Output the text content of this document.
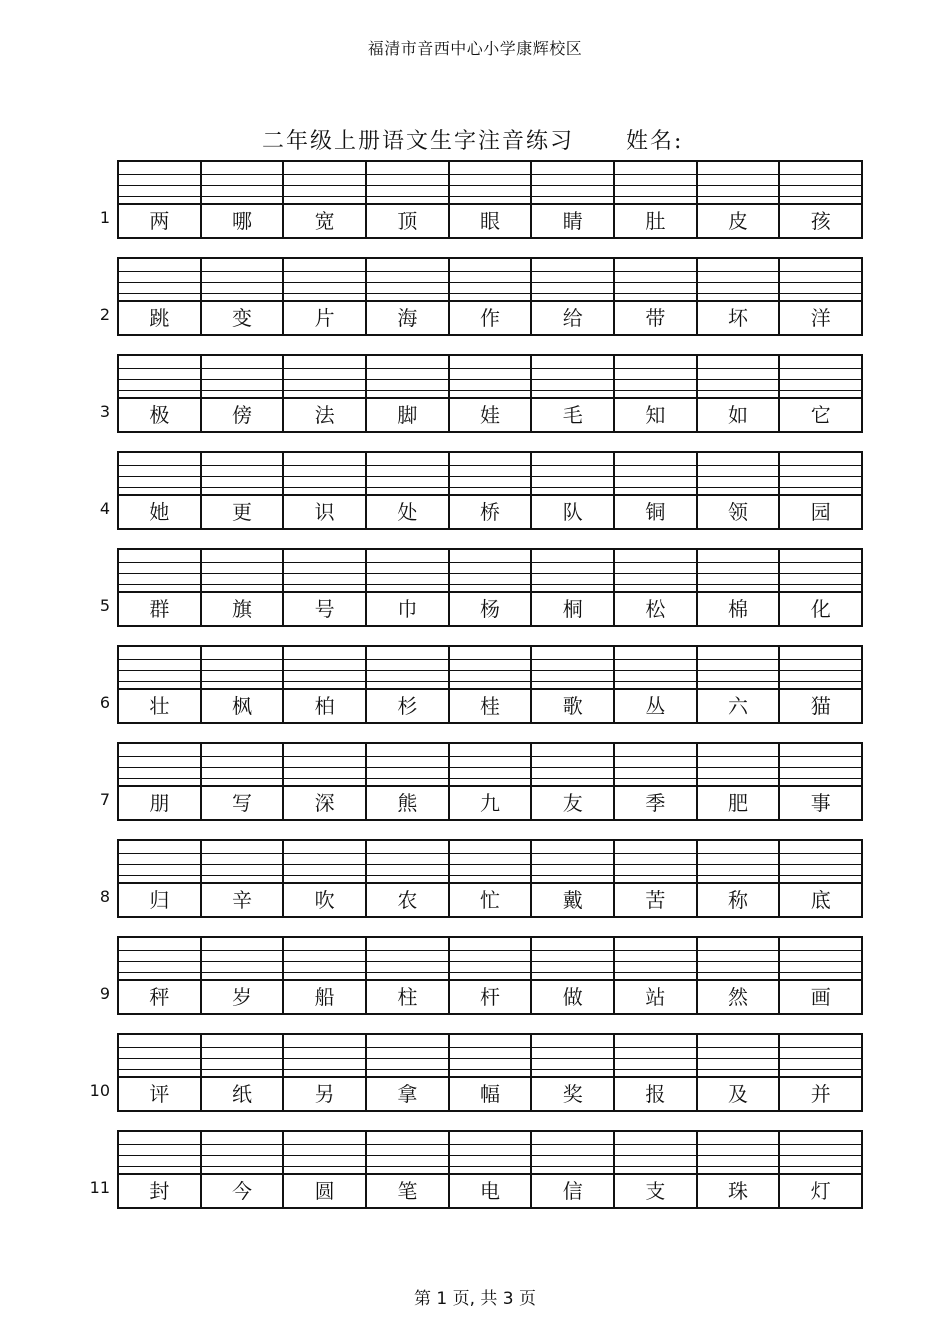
福清市音西中心小学康辉校区
二年级上册语文生字注音练习 姓名:
1	两	哪	宽	顶	眼	睛	肚	皮	孩
2	跳	变	片	海	作	给	带	坏	洋
3	极	傍	法	脚	娃	毛	知	如	它
4	她	更	识	处	桥	队	铜	领	园
5	群	旗	号	巾	杨	桐	松	棉	化
6	壮	枫	柏	杉	桂	歌	丛	六	猫
7	朋	写	深	熊	九	友	季	肥	事
8	归	辛	吹	农	忙	戴	苦	称	底
9	秤	岁	船	柱	杆	做	站	然	画
10	评	纸	另	拿	幅	奖	报	及	并
11	封	今	圆	笔	电	信	支	珠	灯
第 1 页, 共 3 页
